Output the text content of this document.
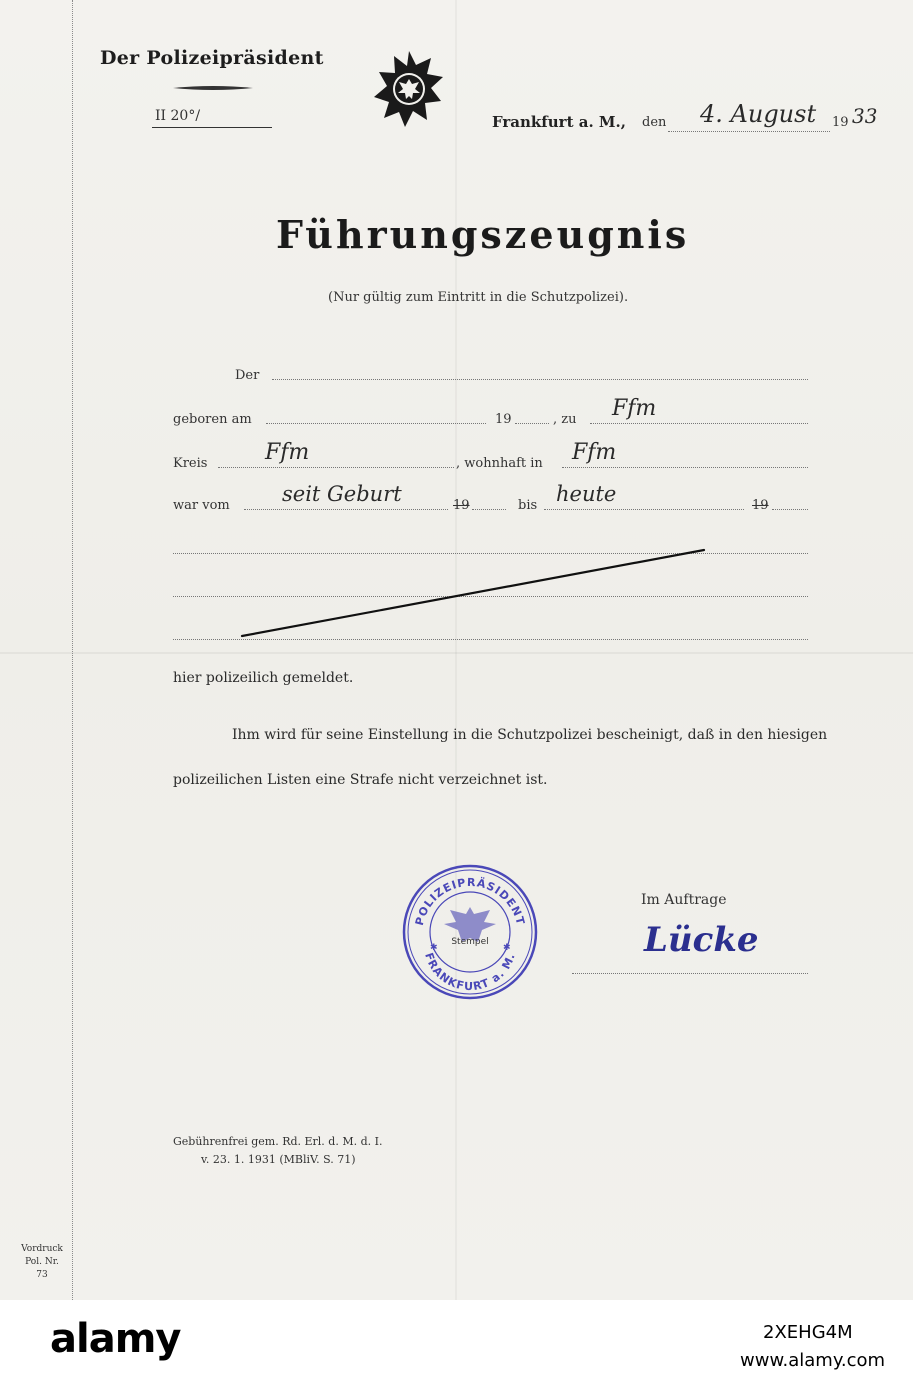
Der Polizeipräsident
II 20°/	Frankfurt a. M., den 4. August 19 33
Führungszeugnis
(Nur gültig zum Eintritt in die Schutzpolizei).
Der
geboren am	19	, zu Ffm
Kreis	Ffm	, wohnhaft in Ffm
war vom seit Geburt	19	bis heute	19
hier polizeilich gemeldet.
Ihm wird für seine Einstellung in die Schutzpolizei bescheinigt, daß in den hiesigen
polizeilichen Listen eine Strafe nicht verzeichnet ist.
POLIZEIPRÄSIDENT
FRANKFURT a. M.
Stempel
✱	✱
Im Auftrage
Lücke
Gebührenfrei gem. Rd. Erl. d. M. d. I.
v. 23. 1. 1931 (MBliV. S. 71)
Vordruck
Pol. Nr. 73
alamy	2XEHG4M
www.alamy.com
